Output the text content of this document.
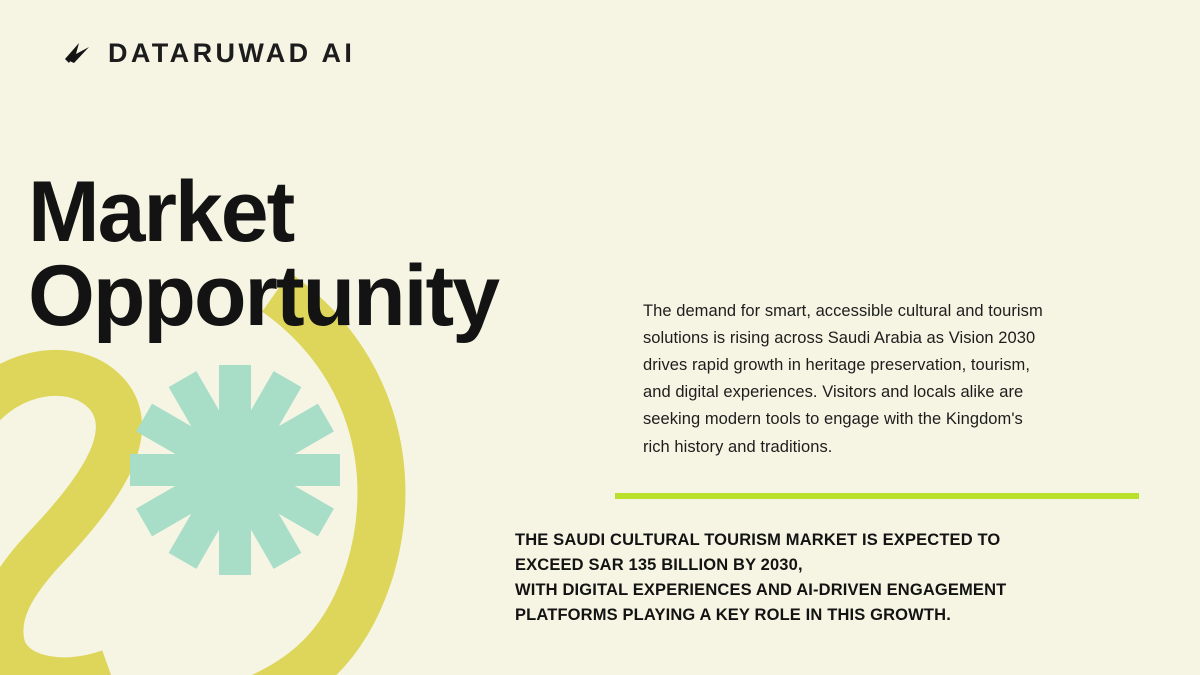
DATARUWAD AI
Market
Opportunity	The demand for smart, accessible cultural and tourism solutions is rising across Saudi Arabia as Vision 2030 drives rapid growth in heritage preservation, tourism, and digital experiences. Visitors and locals alike are seeking modern tools to engage with the Kingdom's rich history and traditions.

THE SAUDI CULTURAL TOURISM MARKET IS EXPECTED TO
EXCEED SAR 135 BILLION BY 2030,
WITH DIGITAL EXPERIENCES AND AI-DRIVEN ENGAGEMENT
PLATFORMS PLAYING A KEY ROLE IN THIS GROWTH.
